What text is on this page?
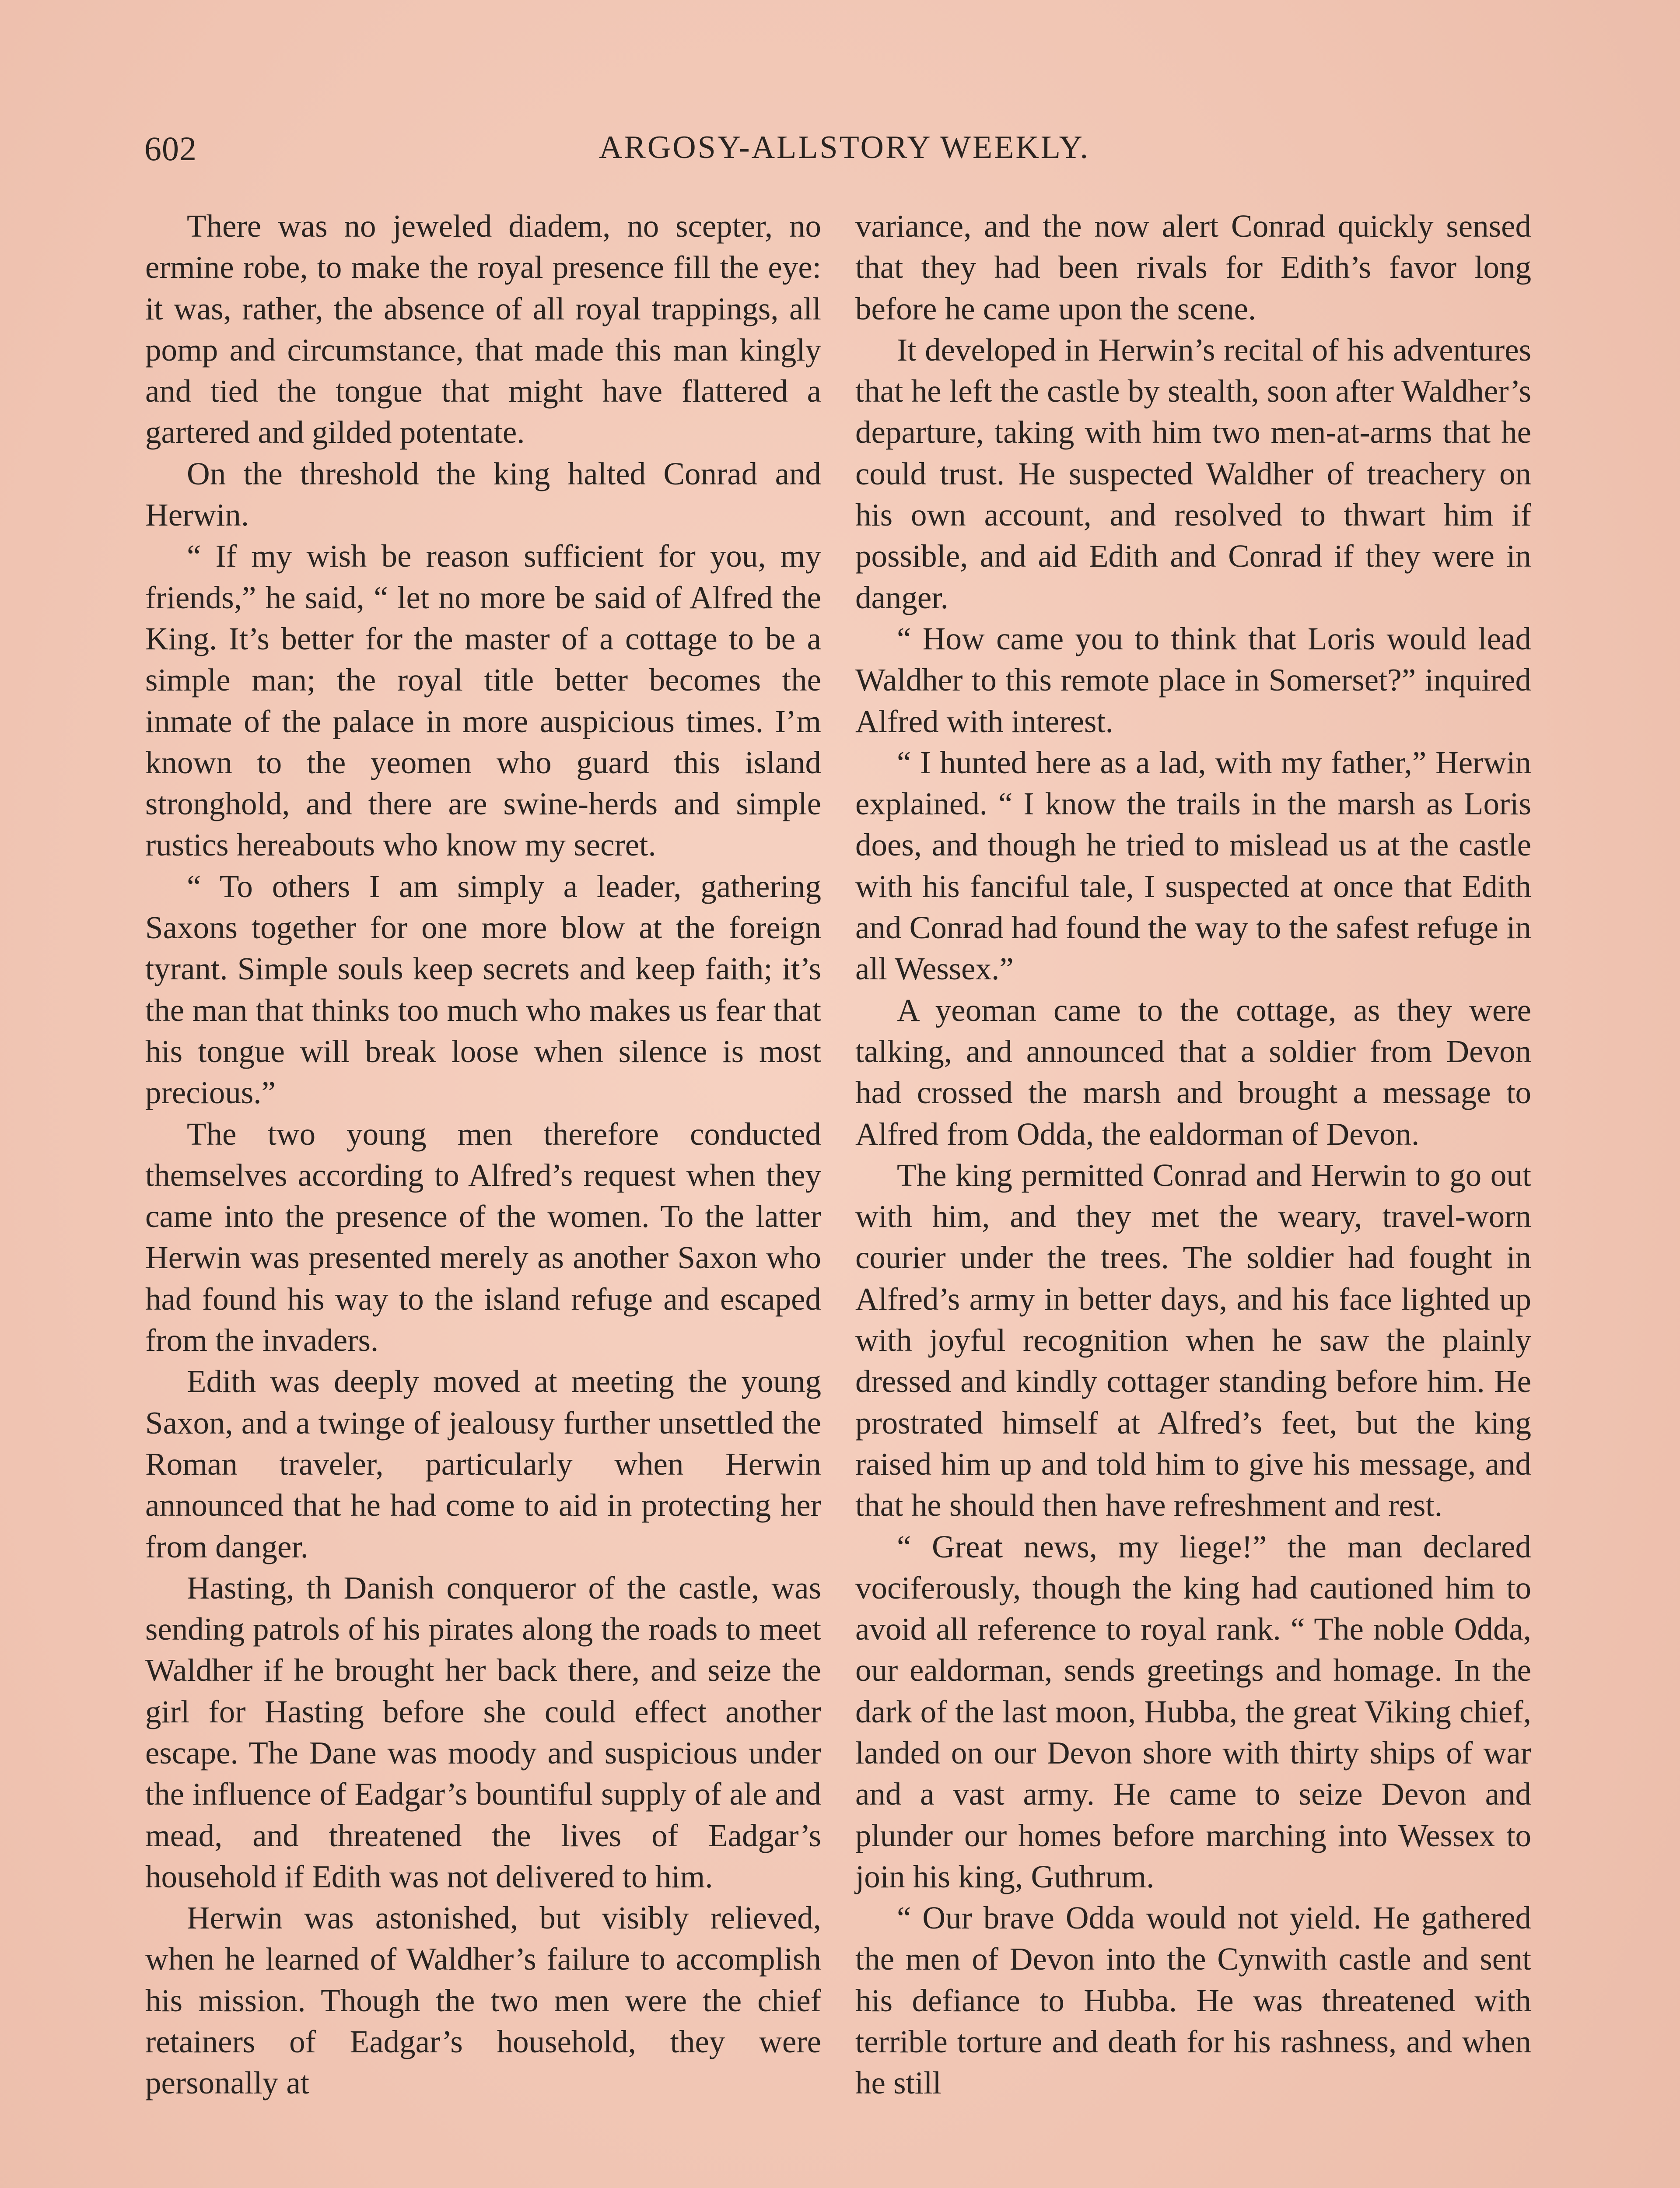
602	ARGOSY-ALLSTORY WEEKLY.

There was no jeweled diadem, no scepter, no ermine robe, to make the royal presence fill the eye: it was, rather, the absence of all royal trappings, all pomp and circumstance, that made this man kingly and tied the tongue that might have flattered a gartered and gilded potentate.

On the threshold the king halted Conrad and Herwin.

“ If my wish be reason sufficient for you, my friends,” he said, “ let no more be said of Alfred the King. It’s better for the master of a cottage to be a simple man; the royal title better becomes the inmate of the palace in more auspicious times. I’m known to the yeomen who guard this island stronghold, and there are swine-herds and simple rustics hereabouts who know my secret.

“ To others I am simply a leader, gathering Saxons together for one more blow at the foreign tyrant. Simple souls keep secrets and keep faith; it’s the man that thinks too much who makes us fear that his tongue will break loose when silence is most precious.”

The two young men therefore conducted themselves according to Alfred’s request when they came into the presence of the women. To the latter Herwin was presented merely as another Saxon who had found his way to the island refuge and escaped from the invaders.

Edith was deeply moved at meeting the young Saxon, and a twinge of jealousy further unsettled the Roman traveler, particularly when Herwin announced that he had come to aid in protecting her from danger.

Hasting, th Danish conqueror of the castle, was sending patrols of his pirates along the roads to meet Waldher if he brought her back there, and seize the girl for Hasting before she could effect another escape. The Dane was moody and suspicious under the influence of Eadgar’s bountiful supply of ale and mead, and threatened the lives of Eadgar’s household if Edith was not delivered to him.

Herwin was astonished, but visibly relieved, when he learned of Waldher’s failure to accomplish his mission. Though the two men were the chief retainers of Eadgar’s household, they were personally at

variance, and the now alert Conrad quickly sensed that they had been rivals for Edith’s favor long before he came upon the scene.

It developed in Herwin’s recital of his adventures that he left the castle by stealth, soon after Waldher’s departure, taking with him two men-at-arms that he could trust. He suspected Waldher of treachery on his own account, and resolved to thwart him if possible, and aid Edith and Conrad if they were in danger.

“ How came you to think that Loris would lead Waldher to this remote place in Somerset?” inquired Alfred with interest.

“ I hunted here as a lad, with my father,” Herwin explained. “ I know the trails in the marsh as Loris does, and though he tried to mislead us at the castle with his fanciful tale, I suspected at once that Edith and Conrad had found the way to the safest refuge in all Wessex.”

A yeoman came to the cottage, as they were talking, and announced that a soldier from Devon had crossed the marsh and brought a message to Alfred from Odda, the ealdorman of Devon.

The king permitted Conrad and Herwin to go out with him, and they met the weary, travel-worn courier under the trees. The soldier had fought in Alfred’s army in better days, and his face lighted up with joyful recognition when he saw the plainly dressed and kindly cottager standing before him. He prostrated himself at Alfred’s feet, but the king raised him up and told him to give his message, and that he should then have refreshment and rest.

“ Great news, my liege!” the man declared vociferously, though the king had cautioned him to avoid all reference to royal rank. “ The noble Odda, our ealdorman, sends greetings and homage. In the dark of the last moon, Hubba, the great Viking chief, landed on our Devon shore with thirty ships of war and a vast army. He came to seize Devon and plunder our homes before marching into Wessex to join his king, Guthrum.

“ Our brave Odda would not yield. He gathered the men of Devon into the Cynwith castle and sent his defiance to Hubba. He was threatened with terrible torture and death for his rashness, and when he still
